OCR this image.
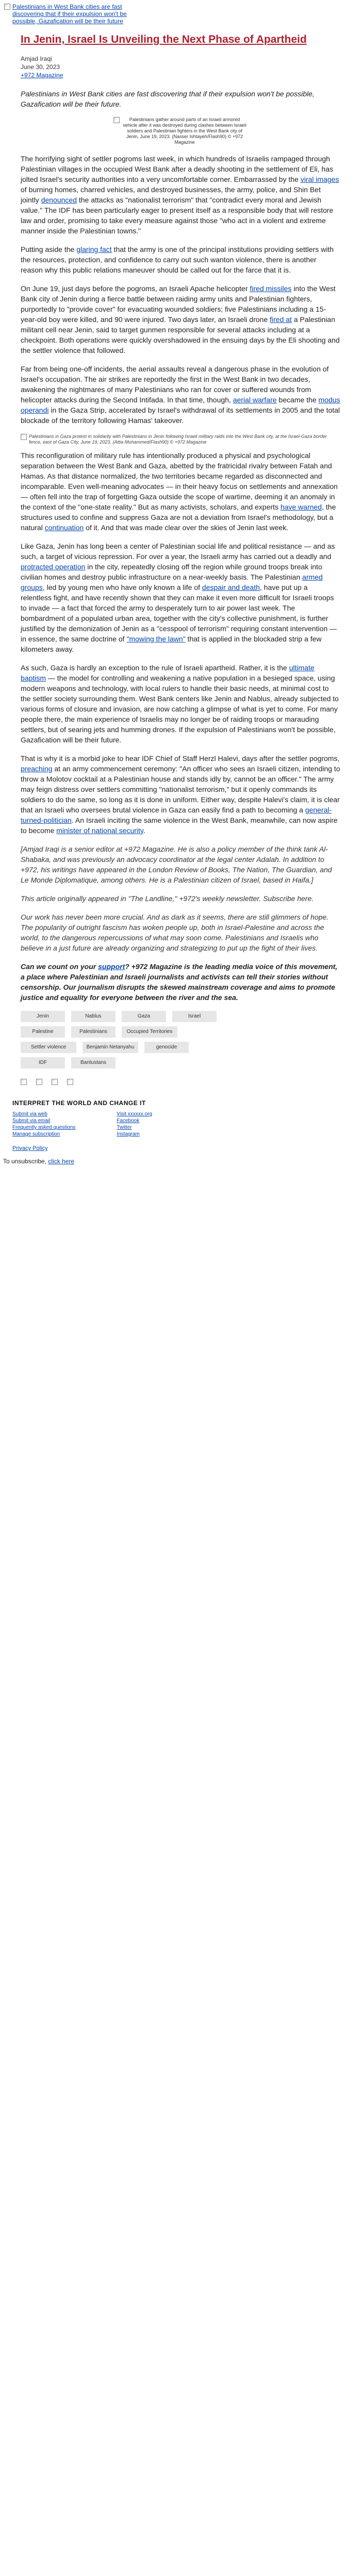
Palestinians in West Bank cities are fast discovering that if their expulsion won't be possible, Gazafication will be their future
In Jenin, Israel Is Unveiling the Next Phase of Apartheid
Amjad Iraqi
June 30, 2023
+972 Magazine
Palestinians in West Bank cities are fast discovering that if their expulsion won't be possible, Gazafication will be their future.
Palestinians gather around parts of an Israeli armored vehicle after it was destroyed during clashes between Israeli soldiers and Palestinian fighters in the West Bank city of Jenin, June 19, 2023. (Nasser Ishtayeh/Flash90) © +972 Magazine

The horrifying sight of settler pogroms last week, in which hundreds of Israelis rampaged through Palestinian villages in the occupied West Bank after a deadly shooting in the settlement of Eli, has jolted Israel's security authorities into a very uncomfortable corner. Embarrassed by the viral images of burning homes, charred vehicles, and destroyed businesses, the army, police, and Shin Bet jointly denounced the attacks as "nationalist terrorism" that "contradict every moral and Jewish value." The IDF has been particularly eager to present itself as a responsible body that will restore law and order, promising to take every measure against those "who act in a violent and extreme manner inside the Palestinian towns."

Putting aside the glaring fact that the army is one of the principal institutions providing settlers with the resources, protection, and confidence to carry out such wanton violence, there is another reason why this public relations maneuver should be called out for the farce that it is.

On June 19, just days before the pogroms, an Israeli Apache helicopter fired missiles into the West Bank city of Jenin during a fierce battle between raiding army units and Palestinian fighters, purportedly to "provide cover" for evacuating wounded soldiers; five Palestinians including a 15-year-old boy were killed, and 90 were injured. Two days later, an Israeli drone fired at a Palestinian militant cell near Jenin, said to target gunmen responsible for several attacks including at a checkpoint. Both operations were quickly overshadowed in the ensuing days by the Eli shooting and the settler violence that followed.

Far from being one-off incidents, the aerial assaults reveal a dangerous phase in the evolution of Israel's occupation. The air strikes are reportedly the first in the West Bank in two decades, awakening the nightmares of many Palestinians who ran for cover or suffered wounds from helicopter attacks during the Second Intifada. In that time, though, aerial warfare became the modus operandi in the Gaza Strip, accelerated by Israel's withdrawal of its settlements in 2005 and the total blockade of the territory following Hamas' takeover.

Palestinians in Gaza protest in solidarity with Palestinians in Jenin following Israeli military raids into the West Bank city, at the Israel-Gaza border fence, east of Gaza City, June 19, 2023. (Attia Muhammed/Flash90) © +972 Magazine

This reconfiguration of military rule has intentionally produced a physical and psychological separation between the West Bank and Gaza, abetted by the fratricidal rivalry between Fatah and Hamas. As that distance normalized, the two territories became regarded as disconnected and incomparable. Even well-meaning advocates — in their heavy focus on settlements and annexation — often fell into the trap of forgetting Gaza outside the scope of wartime, deeming it an anomaly in the context of the "one-state reality." But as many activists, scholars, and experts have warned, the structures used to confine and suppress Gaza are not a deviation from Israel's methodology, but a natural continuation of it. And that was made clear over the skies of Jenin last week.

Like Gaza, Jenin has long been a center of Palestinian social life and political resistance — and as such, a target of vicious repression. For over a year, the Israeli army has carried out a deadly and protracted operation in the city, repeatedly closing off the region while ground troops break into civilian homes and destroy public infrastructure on a near-weekly basis. The Palestinian armed groups, led by young men who have only known a life of despair and death, have put up a relentless fight, and have recently shown that they can make it even more difficult for Israeli troops to invade — a fact that forced the army to desperately turn to air power last week. The bombardment of a populated urban area, together with the city's collective punishment, is further justified by the demonization of Jenin as a "cesspool of terrorism" requiring constant intervention — in essence, the same doctrine of "mowing the lawn" that is applied in the blockaded strip a few kilometers away.

As such, Gaza is hardly an exception to the rule of Israeli apartheid. Rather, it is the ultimate baptism — the model for controlling and weakening a native population in a besieged space, using modern weapons and technology, with local rulers to handle their basic needs, at minimal cost to the settler society surrounding them. West Bank centers like Jenin and Nablus, already subjected to various forms of closure and invasion, are now catching a glimpse of what is yet to come. For many people there, the main experience of Israelis may no longer be of raiding troops or marauding settlers, but of searing jets and humming drones. If the expulsion of Palestinians won't be possible, Gazafication will be their future.

That is why it is a morbid joke to hear IDF Chief of Staff Herzl Halevi, days after the settler pogroms, preaching at an army commencement ceremony: "An officer who sees an Israeli citizen, intending to throw a Molotov cocktail at a Palestinian house and stands idly by, cannot be an officer." The army may feign distress over settlers committing "nationalist terrorism," but it openly commands its soldiers to do the same, so long as it is done in uniform. Either way, despite Halevi's claim, it is clear that an Israeli who oversees brutal violence in Gaza can easily find a path to becoming a general-turned-politician. An Israeli inciting the same violence in the West Bank, meanwhile, can now aspire to become minister of national security.

[Amjad Iraqi is a senior editor at +972 Magazine. He is also a policy member of the think tank Al-Shabaka, and was previously an advocacy coordinator at the legal center Adalah. In addition to +972, his writings have appeared in the London Review of Books, The Nation, The Guardian, and Le Monde Diplomatique, among others. He is a Palestinian citizen of Israel, based in Haifa.]
This article originally appeared in "The Landline," +972's weekly newsletter. Subscribe here.
Our work has never been more crucial. And as dark as it seems, there are still glimmers of hope. The popularity of outright fascism has woken people up, both in Israel-Palestine and across the world, to the dangerous repercussions of what may soon come. Palestinians and Israelis who believe in a just future are already organizing and strategizing to put up the fight of their lives.
Can we count on your support? +972 Magazine is the leading media voice of this movement, a place where Palestinian and Israeli journalists and activists can tell their stories without censorship. Our journalism disrupts the skewed mainstream coverage and aims to promote justice and equality for everyone between the river and the sea.
Jenin	Nablus	Gaza	Israel
Palestine	Palestinians	Occupied Territories
Settler violence	Benjamin Netanyahu	genocide
IDF	Bantustans
INTERPRET THE WORLD AND CHANGE IT
Submit via web
Submit via email
Frequently asked questions
Manage subscription
Visit xxxxxx.org
Facebook
Twitter
Instagram
Privacy Policy
To unsubscribe, click here
